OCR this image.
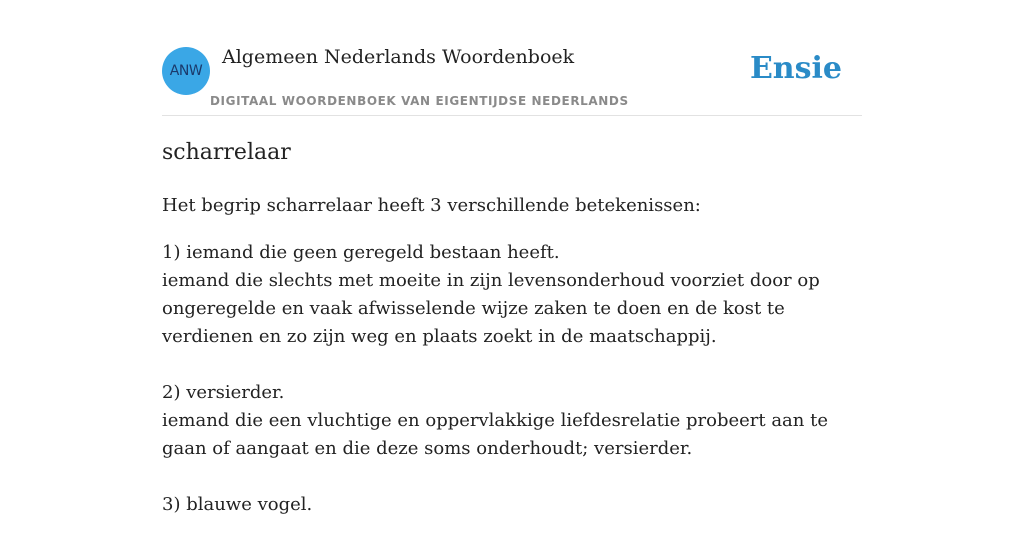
ANW
Algemeen Nederlands Woordenboek
DIGITAAL WOORDENBOEK VAN EIGENTIJDSE NEDERLANDS
Ensie
scharrelaar

Het begrip scharrelaar heeft 3 verschillende betekenissen:

1) iemand die geen geregeld bestaan heeft.
iemand die slechts met moeite in zijn levensonderhoud voorziet door op ongeregelde en vaak afwisselende wijze zaken te doen en de kost te verdienen en zo zijn weg en plaats zoekt in de maatschappij.
2) versierder.
iemand die een vluchtige en oppervlakkige liefdesrelatie probeert aan te gaan of aangaat en die deze soms onderhoudt; versierder.
3) blauwe vogel.
